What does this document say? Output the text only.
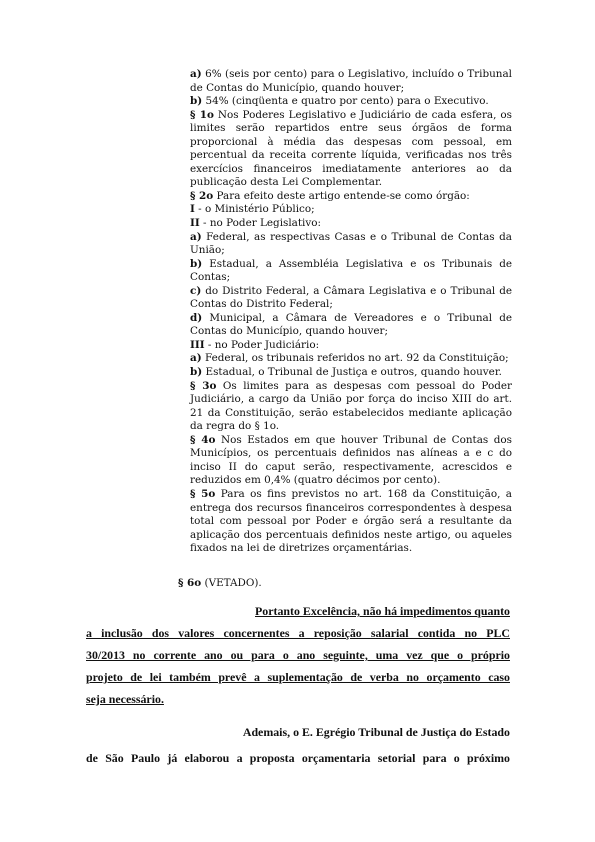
a) 6% (seis por cento) para o Legislativo, incluído o Tribunal de Contas do Município, quando houver;

b) 54% (cinqüenta e quatro por cento) para o Executivo.

§ 1o Nos Poderes Legislativo e Judiciário de cada esfera, os limites serão repartidos entre seus órgãos de forma proporcional à média das despesas com pessoal, em percentual da receita corrente líquida, verificadas nos três exercícios financeiros imediatamente anteriores ao da publicação desta Lei Complementar.

§ 2o Para efeito deste artigo entende-se como órgão:

I - o Ministério Público;

II - no Poder Legislativo:

a) Federal, as respectivas Casas e o Tribunal de Contas da União;

b) Estadual, a Assembléia Legislativa e os Tribunais de Contas;

c) do Distrito Federal, a Câmara Legislativa e o Tribunal de Contas do Distrito Federal;

d) Municipal, a Câmara de Vereadores e o Tribunal de Contas do Município, quando houver;

III - no Poder Judiciário:

a) Federal, os tribunais referidos no art. 92 da Constituição;

b) Estadual, o Tribunal de Justiça e outros, quando houver.

§ 3o Os limites para as despesas com pessoal do Poder Judiciário, a cargo da União por força do inciso XIII do art. 21 da Constituição, serão estabelecidos mediante aplicação da regra do § 1o.

§ 4o Nos Estados em que houver Tribunal de Contas dos Municípios, os percentuais definidos nas alíneas a e c do inciso II do caput serão, respectivamente, acrescidos e reduzidos em 0,4% (quatro décimos por cento).

§ 5o Para os fins previstos no art. 168 da Constituição, a entrega dos recursos financeiros correspondentes à despesa total com pessoal por Poder e órgão será a resultante da aplicação dos percentuais definidos neste artigo, ou aqueles fixados na lei de diretrizes orçamentárias.

§ 6o (VETADO).
Portanto Excelência, não há impedimentos quanto
a inclusão dos valores concernentes a reposição salarial contida no PLC
30/2013 no corrente ano ou para o ano seguinte, uma vez que o próprio
projeto de lei também prevê a suplementação de verba no orçamento caso
seja necessário.
Ademais, o E. Egrégio Tribunal de Justiça do Estado
de São Paulo já elaborou a proposta orçamentaria setorial para o próximo
